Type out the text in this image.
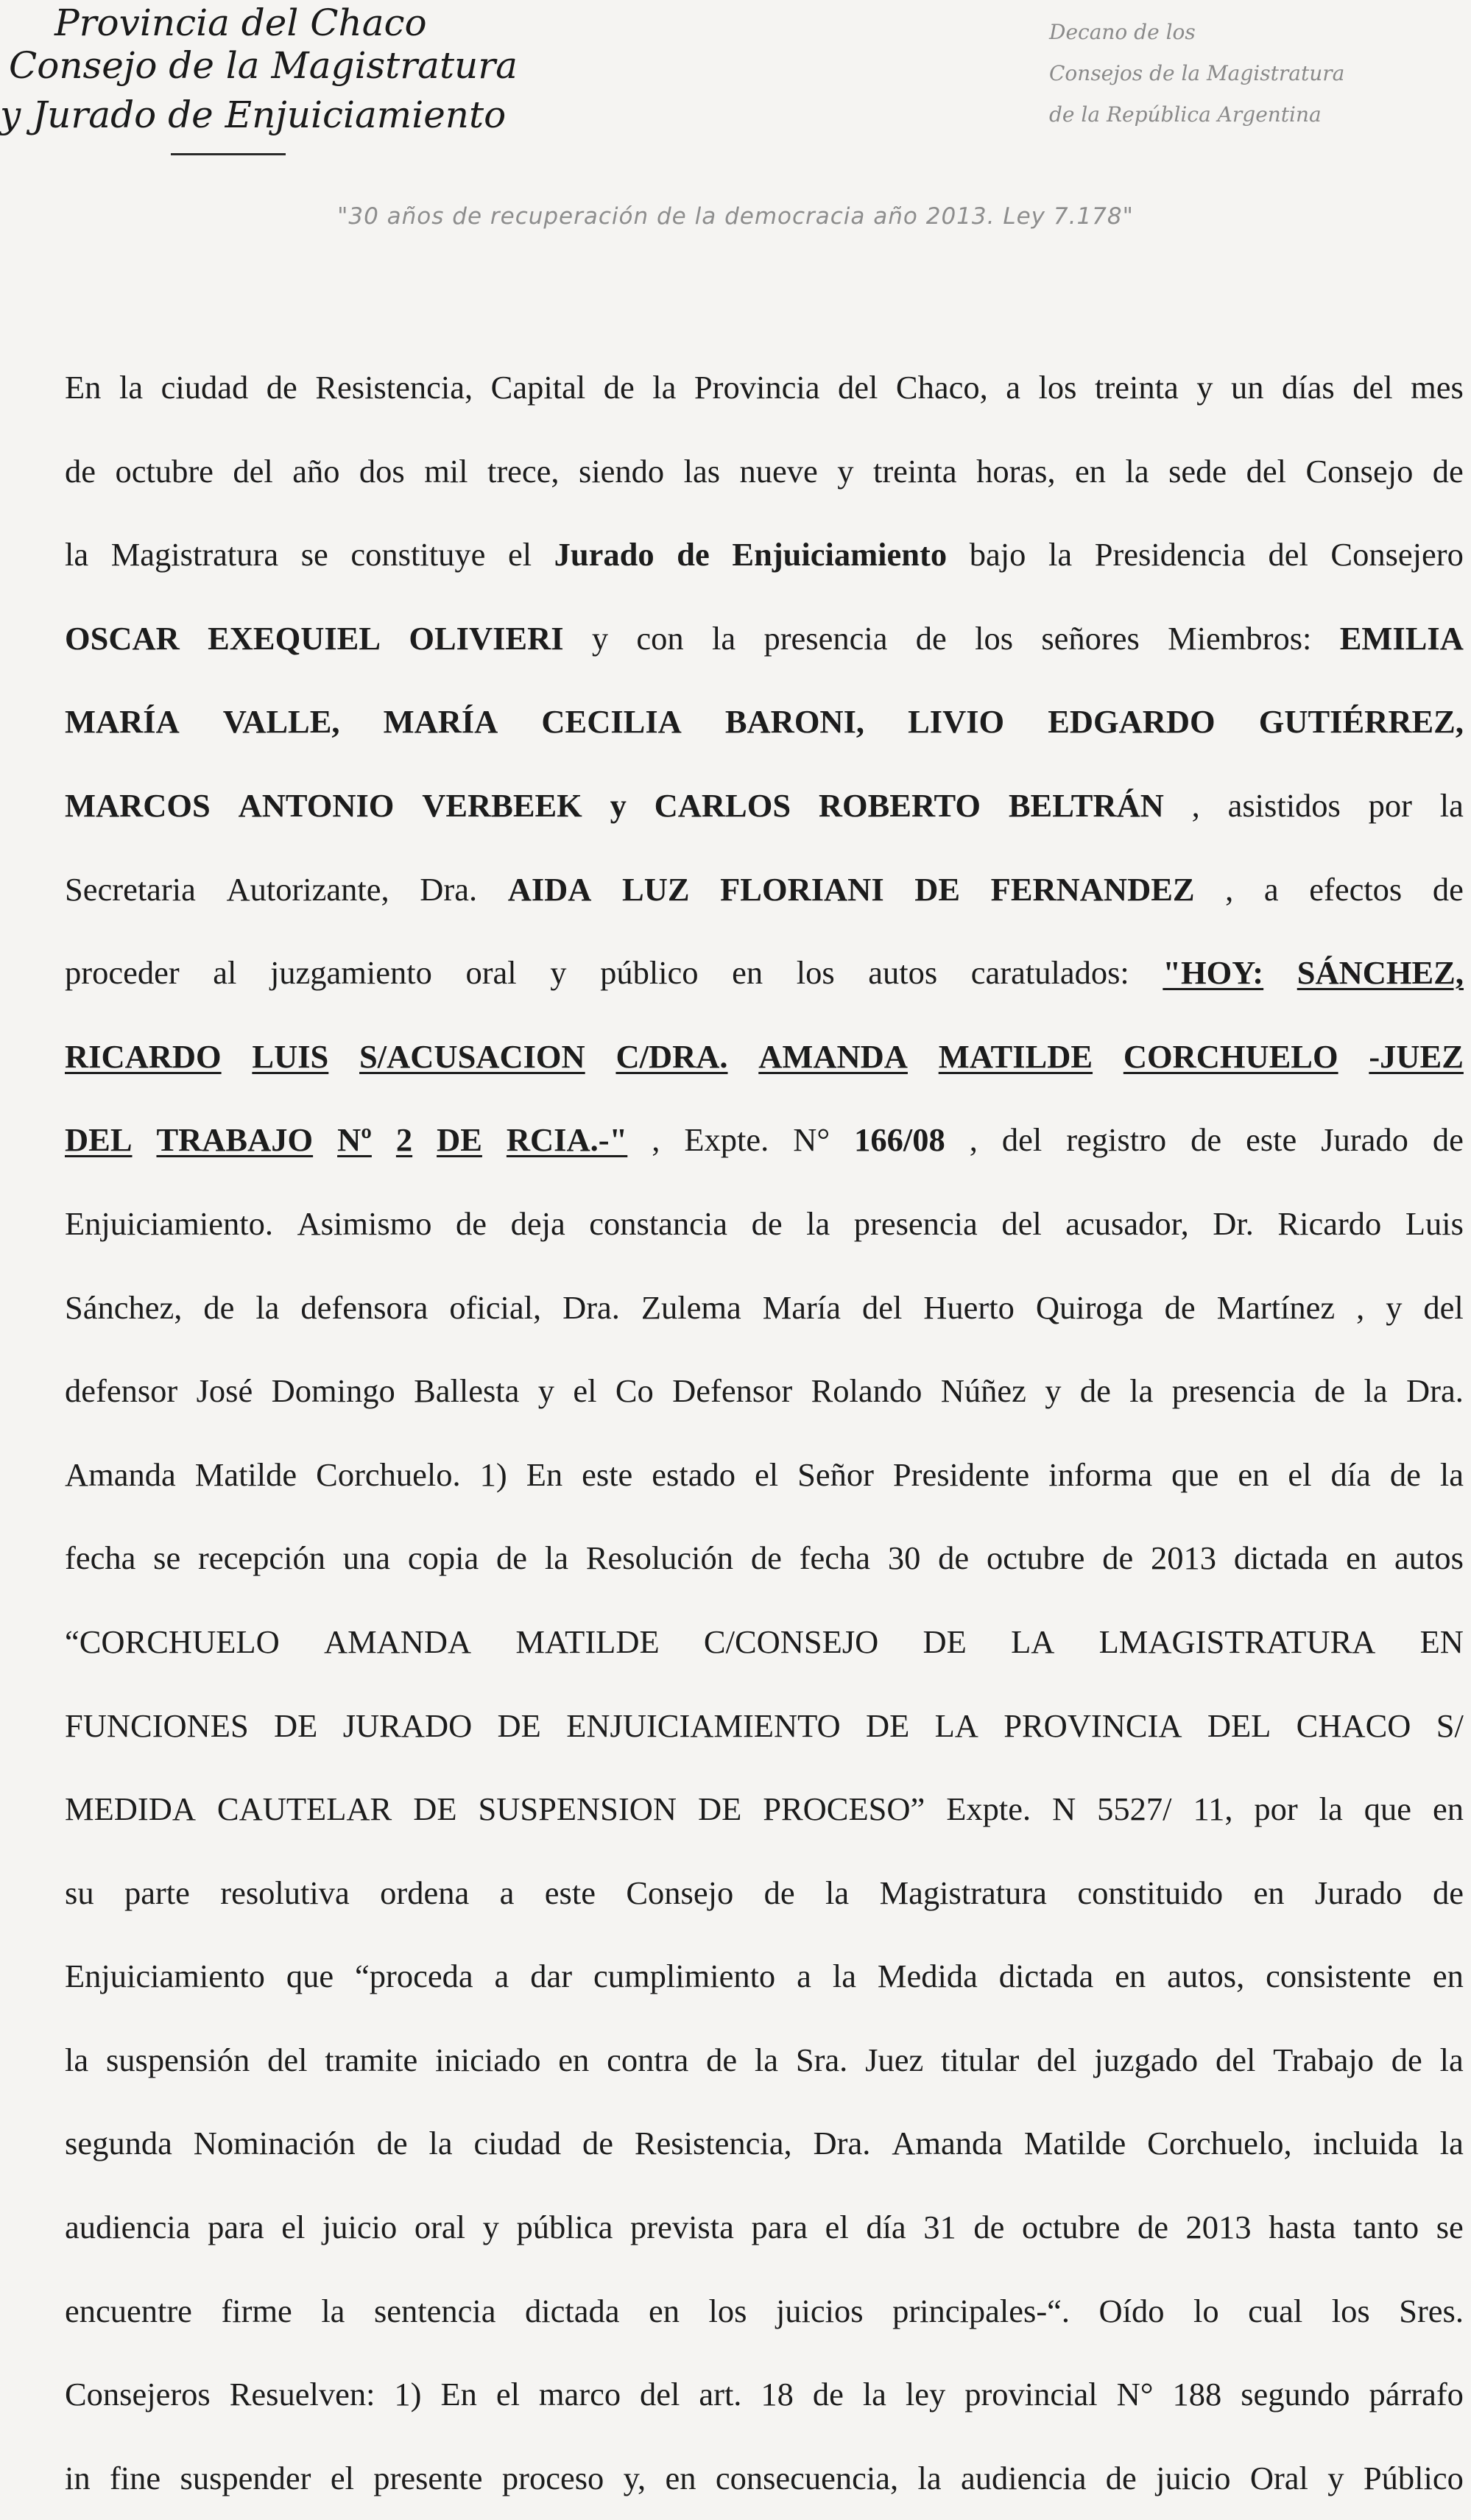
Provincia del Chaco
Consejo de la Magistratura
y Jurado de Enjuiciamiento
Decano de los
Consejos de la Magistratura
de la República Argentina
"30 años de recuperación de la democracia año 2013. Ley 7.178"
En la ciudad de Resistencia, Capital de la Provincia del Chaco, a los treinta y un días del mes
de octubre del año dos mil trece, siendo las nueve y treinta horas, en la sede del Consejo de
la Magistratura se constituye el Jurado de Enjuiciamiento bajo la Presidencia del Consejero
OSCAR EXEQUIEL OLIVIERI y con la presencia de los señores Miembros: EMILIA
MARÍA VALLE, MARÍA CECILIA BARONI, LIVIO EDGARDO GUTIÉRREZ,
MARCOS ANTONIO VERBEEK y CARLOS ROBERTO BELTRÁN , asistidos por la
Secretaria Autorizante, Dra. AIDA LUZ FLORIANI DE FERNANDEZ , a efectos de
proceder al juzgamiento oral y público en los autos caratulados: "HOY: SÁNCHEZ,
RICARDO LUIS S/ACUSACION C/DRA. AMANDA MATILDE CORCHUELO -JUEZ
DEL TRABAJO Nº 2 DE RCIA.-" , Expte. N° 166/08 , del registro de este Jurado de
Enjuiciamiento. Asimismo de deja constancia de la presencia del acusador, Dr. Ricardo Luis
Sánchez, de la defensora oficial, Dra. Zulema María del Huerto Quiroga de Martínez , y del
defensor José Domingo Ballesta y el Co Defensor Rolando Núñez y de la presencia de la Dra.
Amanda Matilde Corchuelo. 1) En este estado el Señor Presidente informa que en el día de la
fecha se recepción una copia de la Resolución de fecha 30 de octubre de 2013 dictada en autos
“CORCHUELO AMANDA MATILDE C/CONSEJO DE LA LMAGISTRATURA EN
FUNCIONES DE JURADO DE ENJUICIAMIENTO DE LA PROVINCIA DEL CHACO S/
MEDIDA CAUTELAR DE SUSPENSION DE PROCESO” Expte. N 5527/ 11, por la que en
su parte resolutiva ordena a este Consejo de la Magistratura constituido en Jurado de
Enjuiciamiento que “proceda a dar cumplimiento a la Medida dictada en autos, consistente en
la suspensión del tramite iniciado en contra de la Sra. Juez titular del juzgado del Trabajo de la
segunda Nominación de la ciudad de Resistencia, Dra. Amanda Matilde Corchuelo, incluida la
audiencia para el juicio oral y pública prevista para el día 31 de octubre de 2013 hasta tanto se
encuentre firme la sentencia dictada en los juicios principales-“. Oído lo cual los Sres.
Consejeros Resuelven: 1) En el marco del art. 18 de la ley provincial N° 188 segundo párrafo
in fine suspender el presente proceso y, en consecuencia, la audiencia de juicio Oral y Público
